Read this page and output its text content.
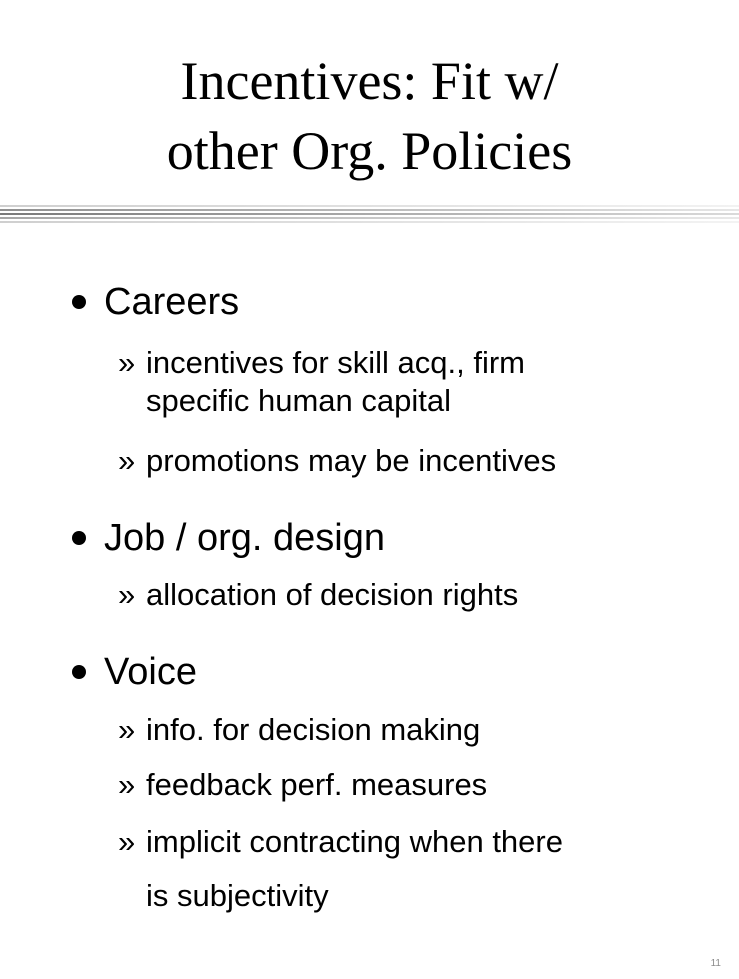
Incentives: Fit w/
other Org. Policies
Careers
» incentives for skill acq., firm
specific human capital
» promotions may be incentives
Job / org. design
» allocation of decision rights
Voice
» info. for decision making
» feedback perf. measures
» implicit contracting when there
is subjectivity
11
